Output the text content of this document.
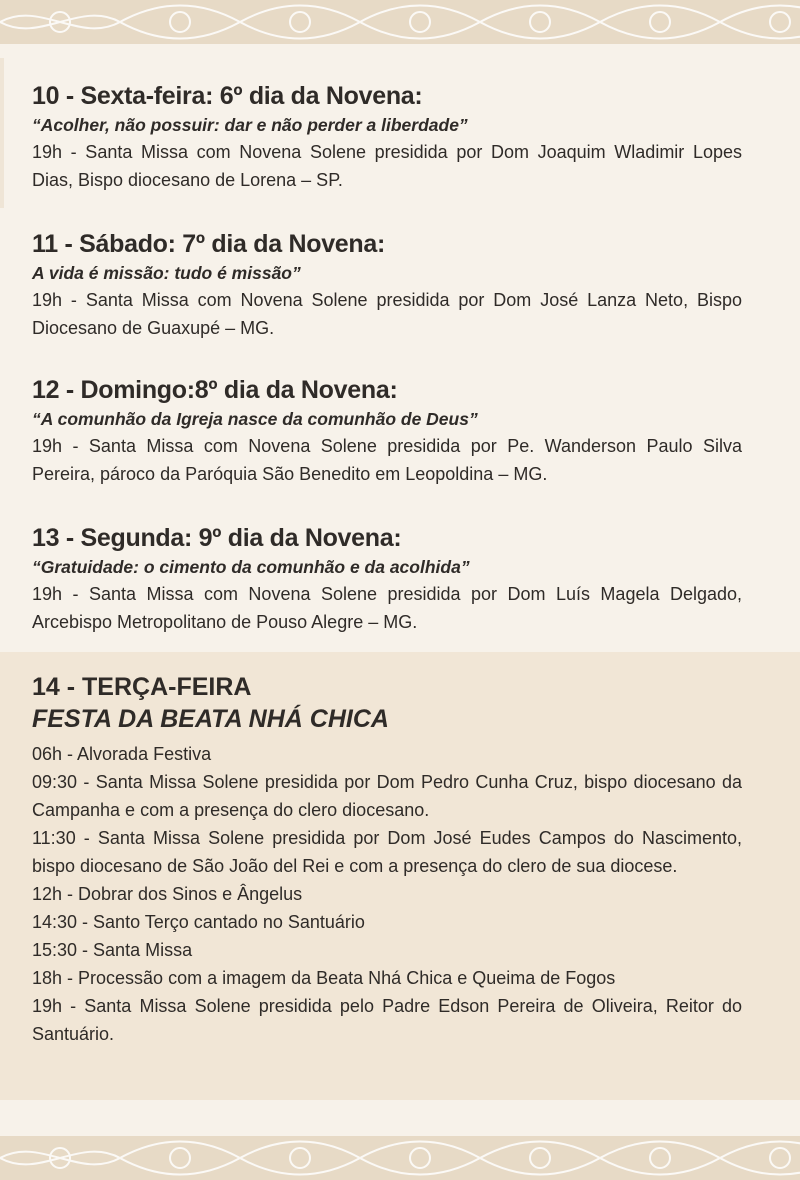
10 - Sexta-feira: 6º dia da Novena:

“Acolher, não possuir: dar e não perder a liberdade”

19h - Santa Missa com Novena Solene presidida por Dom Joaquim Wladimir Lopes Dias, Bispo diocesano de Lorena – SP.

11 - Sábado: 7º dia da Novena:

A vida é missão: tudo é missão”

19h - Santa Missa com Novena Solene presidida por Dom José Lanza Neto, Bispo Diocesano de Guaxupé – MG.

12 - Domingo:8º dia da Novena:

“A comunhão da Igreja nasce da comunhão de Deus”

19h - Santa Missa com Novena Solene presidida por Pe. Wanderson Paulo Silva Pereira, pároco da Paróquia São Benedito em Leopoldina – MG.

13 - Segunda: 9º dia da Novena:

“Gratuidade: o cimento da comunhão e da acolhida”

19h - Santa Missa com Novena Solene presidida por Dom Luís Magela Delgado, Arcebispo Metropolitano de Pouso Alegre – MG.

14 - TERÇA-FEIRA

FESTA DA BEATA NHÁ CHICA

06h - Alvorada Festiva

09:30 - Santa Missa Solene presidida por Dom Pedro Cunha Cruz, bispo diocesano da Campanha e com a presença do clero diocesano.

11:30 - Santa Missa Solene presidida por Dom José Eudes Campos do Nascimento, bispo diocesano de São João del Rei e com a presença do clero de sua diocese.

12h - Dobrar dos Sinos e Ângelus

14:30 - Santo Terço cantado no Santuário

15:30 - Santa Missa

18h - Processão com a imagem da Beata Nhá Chica e Queima de Fogos

19h - Santa Missa Solene presidida pelo Padre Edson Pereira de Oliveira, Reitor do Santuário.
